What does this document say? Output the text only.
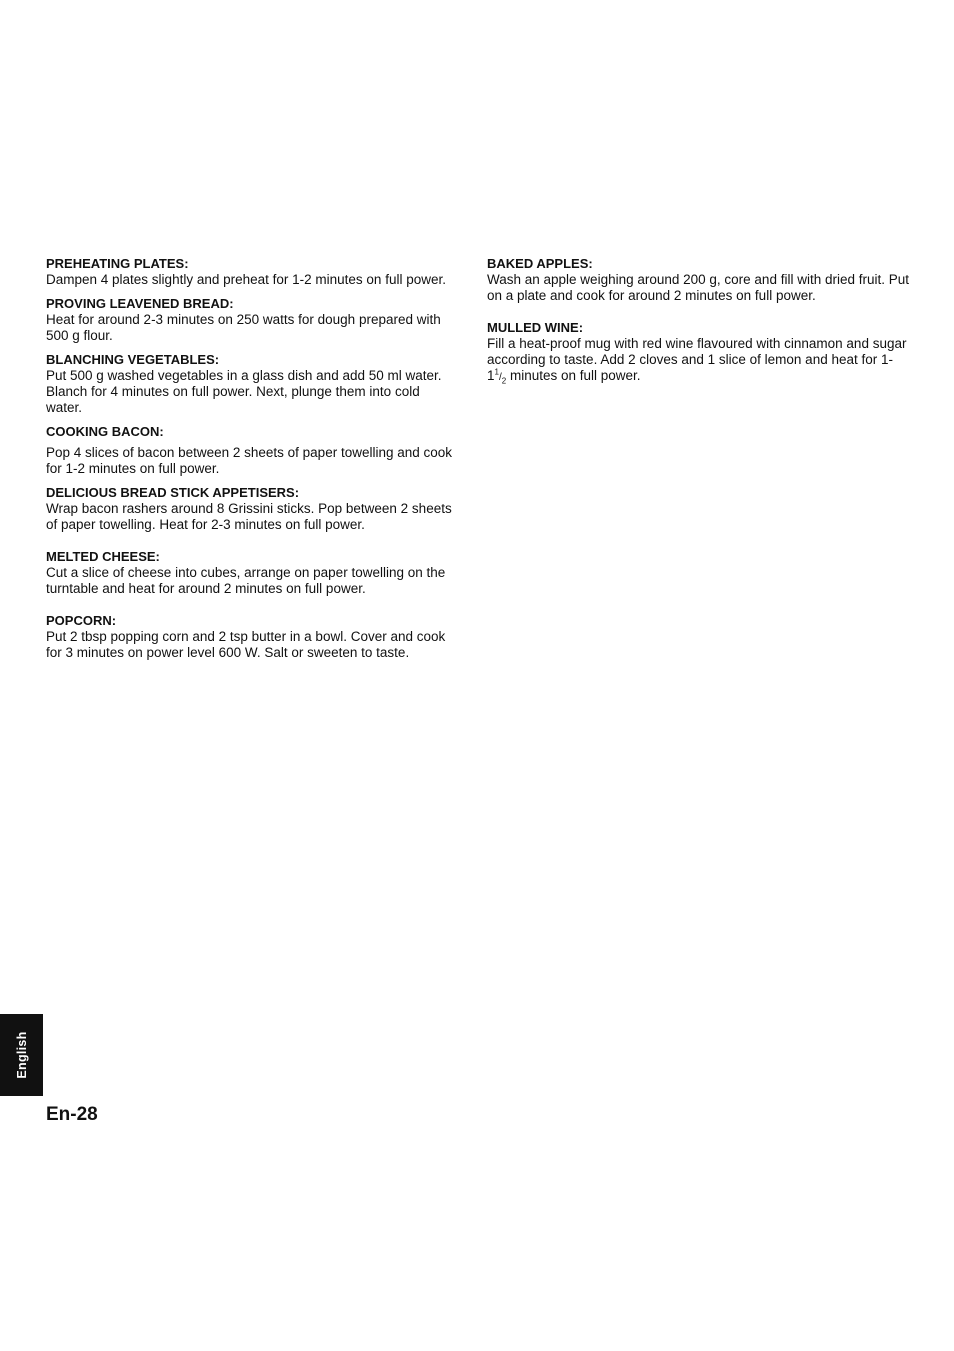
PREHEATING PLATES:

Dampen 4 plates slightly and preheat for 1-2 minutes on full power.

PROVING LEAVENED BREAD:

Heat for around 2-3 minutes on 250 watts for dough prepared with 500 g flour.

BLANCHING VEGETABLES:

Put 500 g washed vegetables in a glass dish and add 50 ml water. Blanch for 4 minutes on full power. Next, plunge them into cold water.

COOKING BACON:

Pop 4 slices of bacon between 2 sheets of paper towelling and cook for 1-2 minutes on full power.

DELICIOUS BREAD STICK APPETISERS:

Wrap bacon rashers around 8 Grissini sticks. Pop between 2 sheets of paper towelling. Heat for 2-3 minutes on full power.

MELTED CHEESE:

Cut a slice of cheese into cubes, arrange on paper towelling on the turntable and heat for around 2 minutes on full power.

POPCORN:

Put 2 tbsp popping corn and 2 tsp butter in a bowl. Cover and cook for 3 minutes on power level 600 W. Salt or sweeten to taste.

BAKED APPLES:

Wash an apple weighing around 200 g, core and fill with dried fruit. Put on a plate and cook for around 2 minutes on full power.

MULLED WINE:

Fill a heat-proof mug with red wine flavoured with cinnamon and sugar according to taste. Add 2 cloves and 1 slice of lemon and heat for $1-1^1/_2$ minutes on full power.

English
En-28
